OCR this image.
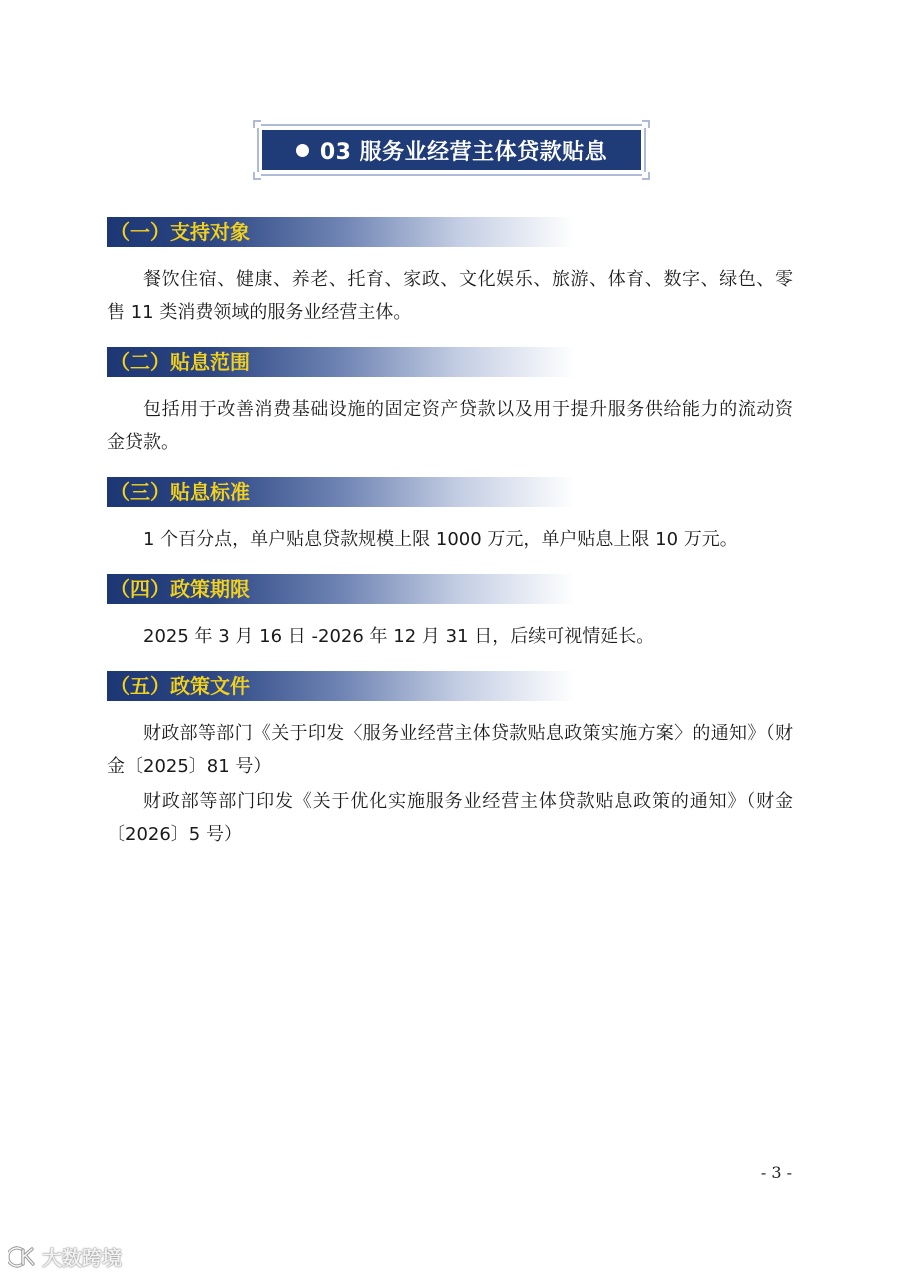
03 服务业经营主体贷款贴息
（一）支持对象
餐饮住宿、健康、养老、托育、家政、文化娱乐、旅游、体育、数字、绿色、零
售 11 类消费领域的服务业经营主体。
（二）贴息范围
包括用于改善消费基础设施的固定资产贷款以及用于提升服务供给能力的流动资
金贷款。
（三）贴息标准
1 个百分点，单户贴息贷款规模上限 1000 万元，单户贴息上限 10 万元。
（四）政策期限
2025 年 3 月 16 日 -2026 年 12 月 31 日，后续可视情延长。
（五）政策文件
财政部等部门《关于印发〈服务业经营主体贷款贴息政策实施方案〉的通知》（财
金〔2025〕81 号）
财政部等部门印发《关于优化实施服务业经营主体贷款贴息政策的通知》（财金
〔2026〕5 号）
- 3 -
大数跨境
